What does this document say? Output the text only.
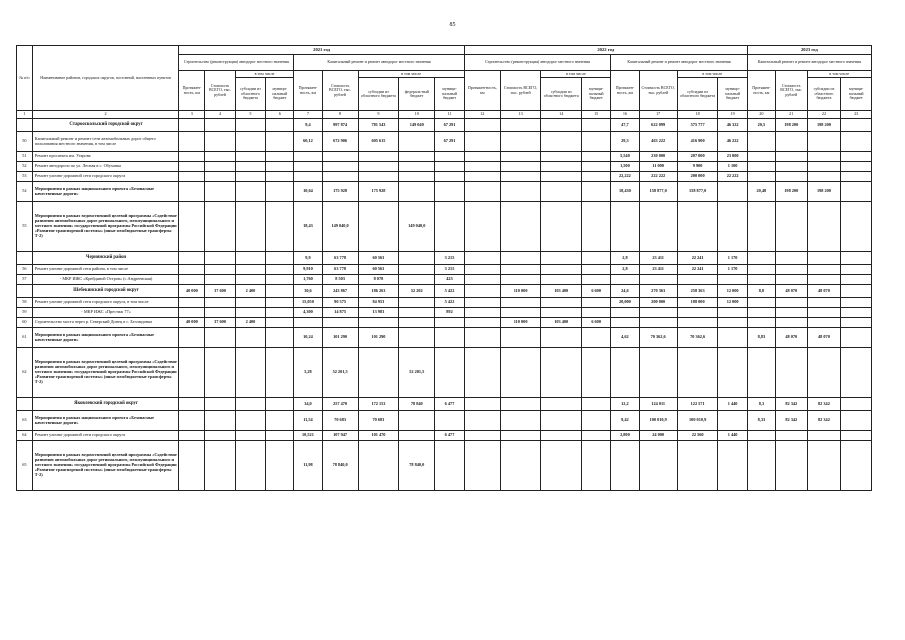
85
№ п/п	Наименование районов, городских округов, поселений, населенных пунктов	2021 год									2022 год								2023 год			
		Строительство (реконструкция) автодорог местного значения				Капитальный ремонт и ремонт автодорог местного значения					Строительство (реконструкция) автодорог местного значения				Капитальный ремонт и ремонт автодорог местного значения				Капитальный ремонт и ремонт автодорог местного значения			
		Протяжен-ность, км	Стоимость ВСЕГО, тыс. рублей	в том числе		Протяжен-ность, км	Стоимость ВСЕГО, тыс. рублей	в том числе			Протяжен-ность, км	Стоимость ВСЕГО, тыс. рублей	в том числе		Протяжен-ность, км	Стоимость ВСЕГО, тыс. рублей	в том числе		Протяжен-ность, км	Стоимость ВСЕГО, тыс. рублей	в том числе	
				субсидии из областного бюджета	муници-пальный бюджет			субсидии из областного бюджета	федераль-ный бюджет	муници-пальный бюджет			субсидии из областного бюджета	муници-пальный бюджет			субсидии из областного бюджета	муници-пальный бюджет			субсидии из областного бюджета	муници-пальный бюджет
1	2	3	4	5	6	7	8	9	10	11	12	13	14	15	16	17	18	19	20	21	22	23
	Старооскольский городской округ					9,4	997 874	781 543	149 040	67 291					47,7	622 099	575 777	46 322	20,5	198 200	198 200	
50	Капитальный ремонт и ремонт сети автомобильных дорог общего пользования местного значения, в том числе					60,12	672 906	605 615		67 291					29,3	463 222	416 900	46 222				
51	Ремонт проспекта им. Угарова														5,540	230 000	207 000	23 000				
52	Ремонт автодороги по ул. Лесная в с. Обуховка														1,500	11 000	9 900	1 100				
53	Ремонт улично-дорожной сети городского округа														22,222	222 222	200 000	22 222				
54	Мероприятия в рамках национального проекта «Безопасные качественные дороги»					10,64	175 928	175 928							18,430	158 877,0	158 877,0		20,48	198 200	198 200	
55	Мероприятия в рамках ведомственной целевой программы «Содействие развитию автомобильных дорог регионального, межмуниципального и местного значения» государственной программы Российской Федерации «Развитие транспортной системы» (иные межбюджетные трансферты Т-2)					18,43	149 040,0		149 040,0													
	Чернянский район					9,9	63 778	60 563		3 215					2,8	23 411	22 241	1 170				
56	Ремонт улично-дорожной сети района, в том числе					9,910	63 778	60 563		3 215					2,8	23 411	22 241	1 170				
57	- МКР ИЖС «Крейдяной Остров» (с.Андреевская)					1,760	8 503	8 078		425												
	Шебекинский городской округ	40 000	37 600	2 400		30,6	243 867	186 263	52 202	5 422		110 000	103 400	6 600	24,6	270 363	258 363	12 000	8,8	48 070	48 070	
58	Ремонт улично-дорожной сети городского округа, в том числе					15,050	90 375	84 953		5 422					20,000	200 000	188 000	12 000				
59	- МКР ИЖС «Престиж 77»					4,300	14 875	13 983		892												
60	Строительство моста через р. Северский Донец в с. Безлюдовка	40 000	37 600	2 400								110 000	103 400	6 600								
61	Мероприятия в рамках национального проекта «Безопасные качественные дороги»					10,24	101 290	101 290							4,62	70 362,6	70 362,6		8,83	48 070	48 070	
62	Мероприятия в рамках ведомственной целевой программы «Содействие развитию автомобильных дорог регионального, межмуниципального и местного значения» государственной программы Российской Федерации «Развитие транспортной системы» (иные межбюджетные трансферты Т-2)					5,28	52 201,5		52 201,5													
	Яковлевский городской округ					34,0	257 470	172 153	78 840	6 477					12,2	124 011	122 571	1 440	8,3	82 342	82 342	
63	Мероприятия в рамках национального проекта «Безопасные качественные дороги»					11,54	70 683	70 683							9,42	100 010,9	100 010,9		8,33	82 342	82 342	
64	Ремонт улично-дорожной сети городского округа					10,521	107 947	101 470		6 477					2,800	24 000	22 560	1 440				
65	Мероприятия в рамках ведомственной целевой программы «Содействие развитию автомобильных дорог регионального, межмуниципального и местного значения» государственной программы Российской Федерации «Развитие транспортной системы» (иные межбюджетные трансферты Т-2)					11,98	78 840,0		78 840,0													
